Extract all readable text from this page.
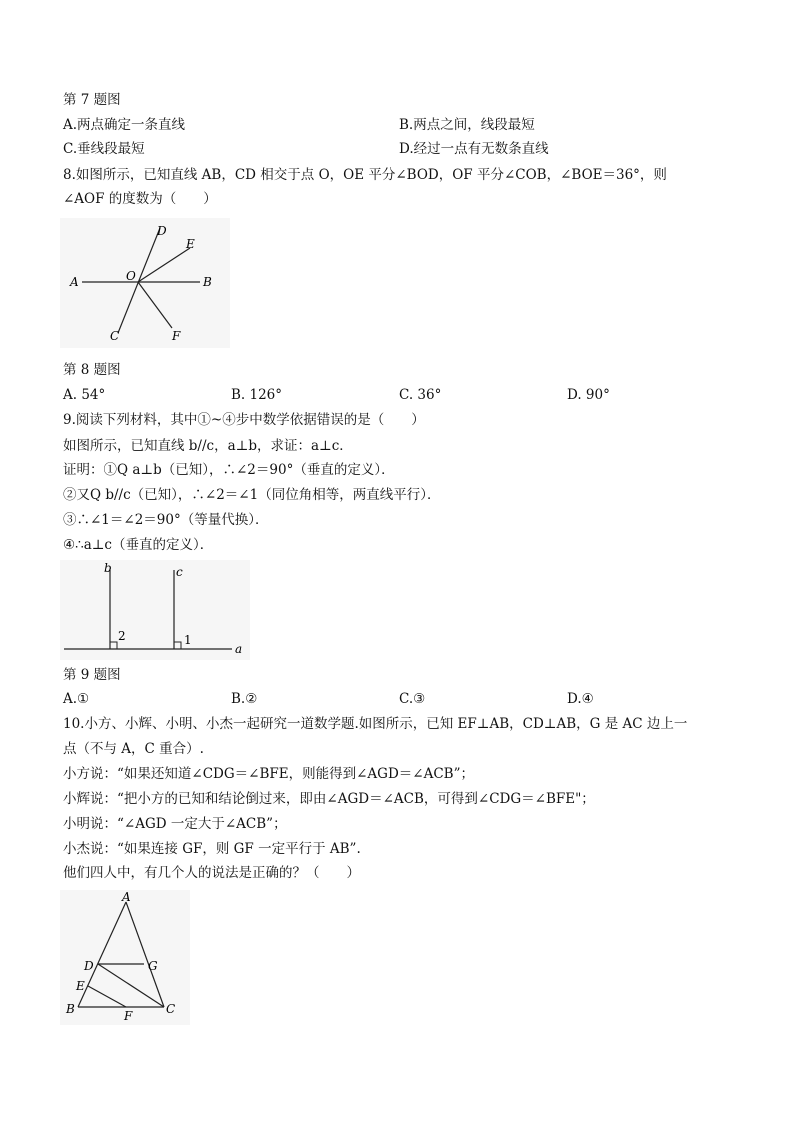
第 7 题图
A.两点确定一条直线	B.两点之间，线段最短
C.垂线段最短	D.经过一点有无数条直线
8.如图所示，已知直线 AB，CD 相交于点 O，OE 平分∠BOD，OF 平分∠COB，∠BOE＝36°，则
∠AOF 的度数为（　　）
A	B
D
E
O
C	F
第 8 题图
A. 54°	B. 126°	C. 36°	D. 90°
9.阅读下列材料，其中①~④步中数学依据错误的是（　　）
如图所示，已知直线 b//c，a⊥b，求证：a⊥c．
证明：①Q a⊥b（已知），∴∠2＝90°（垂直的定义）．
②又Q b//c（已知），∴∠2＝∠1（同位角相等，两直线平行）．
③∴∠1＝∠2＝90°（等量代换）．
④∴a⊥c（垂直的定义）．
b	c
a
2	1
第 9 题图
A.①	B.②	C.③	D.④
10.小方、小辉、小明、小杰一起研究一道数学题.如图所示，已知 EF⊥AB，CD⊥AB，G 是 AC 边上一
点（不与 A，C 重合）.
小方说：“如果还知道∠CDG＝∠BFE，则能得到∠AGD＝∠ACB”；
小辉说：“把小方的已知和结论倒过来，即由∠AGD＝∠ACB，可得到∠CDG＝∠BFE"；
小明说：“∠AGD 一定大于∠ACB”；
小杰说：“如果连接 GF，则 GF 一定平行于 AB”.
他们四人中，有几个人的说法是正确的？（　　）
A
D	G
E
B	F	C
